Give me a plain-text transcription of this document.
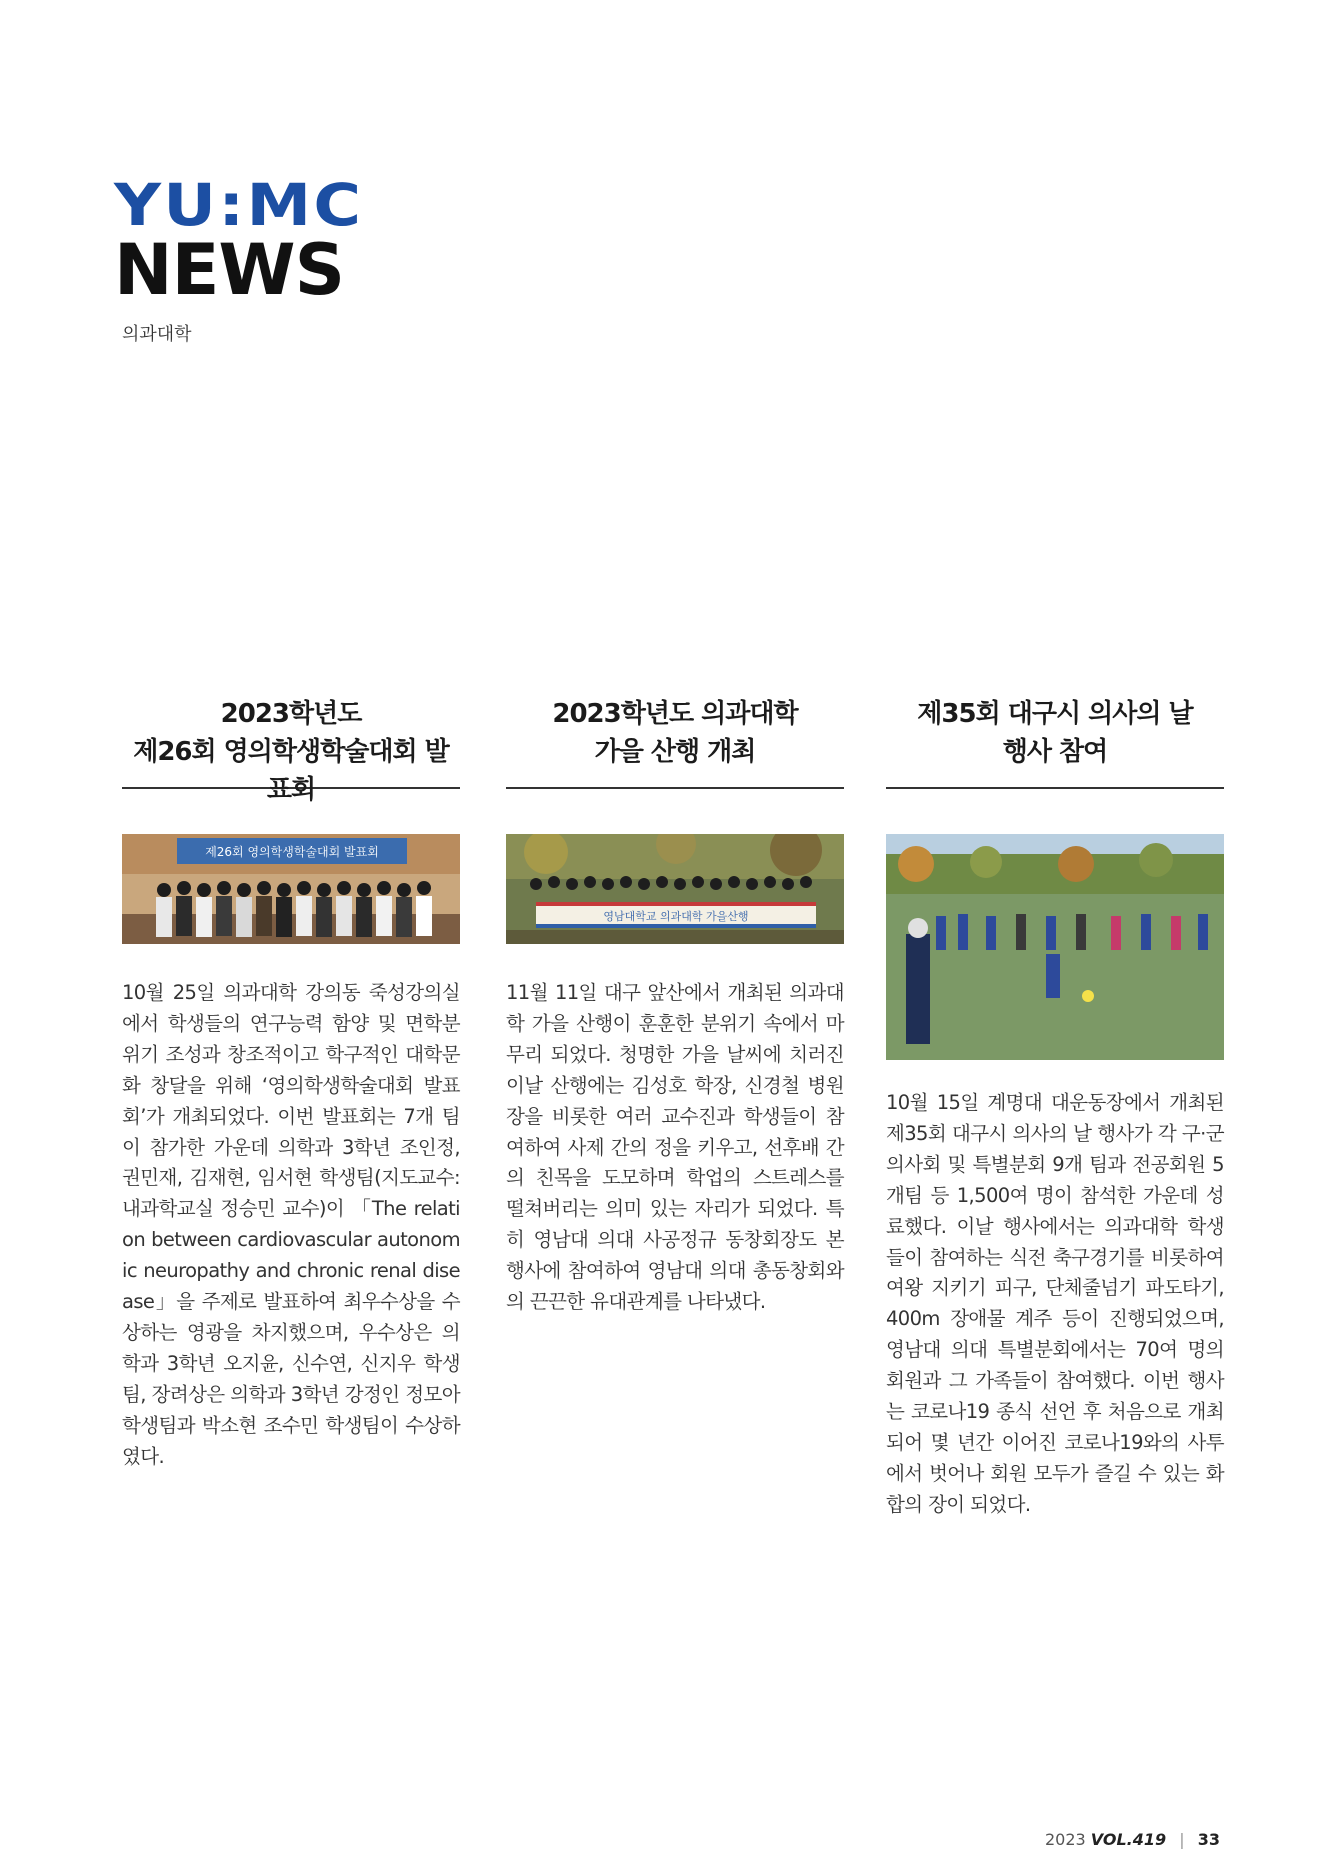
YU:MC
NEWS
의과대학
2023학년도
제26회 영의학생학술대회 발표회
제26회 영의학생학술대회 발표회
10월 25일 의과대학 강의동 죽성강의실에서 학생들의 연구능력 함양 및 면학분위기 조성과 창조적이고 학구적인 대학문화 창달을 위해 ‘영의학생학술대회 발표회’가 개최되었다. 이번 발표회는 7개 팀이 참가한 가운데 의학과 3학년 조인정, 권민재, 김재현, 임서현 학생팀(지도교수: 내과학교실 정승민 교수)이 「The relation between cardiovascular autonomic neuropathy and chronic renal disease」을 주제로 발표하여 최우수상을 수상하는 영광을 차지했으며, 우수상은 의학과 3학년 오지윤, 신수연, 신지우 학생팀, 장려상은 의학과 3학년 강정인 정모아 학생팀과 박소현 조수민 학생팀이 수상하였다.
2023학년도 의과대학
가을 산행 개최
영남대학교 의과대학 가을산행
11월 11일 대구 앞산에서 개최된 의과대학 가을 산행이 훈훈한 분위기 속에서 마무리 되었다. 청명한 가을 날씨에 치러진 이날 산행에는 김성호 학장, 신경철 병원장을 비롯한 여러 교수진과 학생들이 참여하여 사제 간의 정을 키우고, 선후배 간의 친목을 도모하며 학업의 스트레스를 떨쳐버리는 의미 있는 자리가 되었다. 특히 영남대 의대 사공정규 동창회장도 본 행사에 참여하여 영남대 의대 총동창회와의 끈끈한 유대관계를 나타냈다.
제35회 대구시 의사의 날
행사 참여
10월 15일 계명대 대운동장에서 개최된 제35회 대구시 의사의 날 행사가 각 구·군 의사회 및 특별분회 9개 팀과 전공회원 5개팀 등 1,500여 명이 참석한 가운데 성료했다. 이날 행사에서는 의과대학 학생들이 참여하는 식전 축구경기를 비롯하여 여왕 지키기 피구, 단체줄넘기 파도타기, 400m 장애물 계주 등이 진행되었으며, 영남대 의대 특별분회에서는 70여 명의 회원과 그 가족들이 참여했다. 이번 행사는 코로나19 종식 선언 후 처음으로 개최되어 몇 년간 이어진 코로나19와의 사투에서 벗어나 회원 모두가 즐길 수 있는 화합의 장이 되었다.
2023 VOL.419 | 33
